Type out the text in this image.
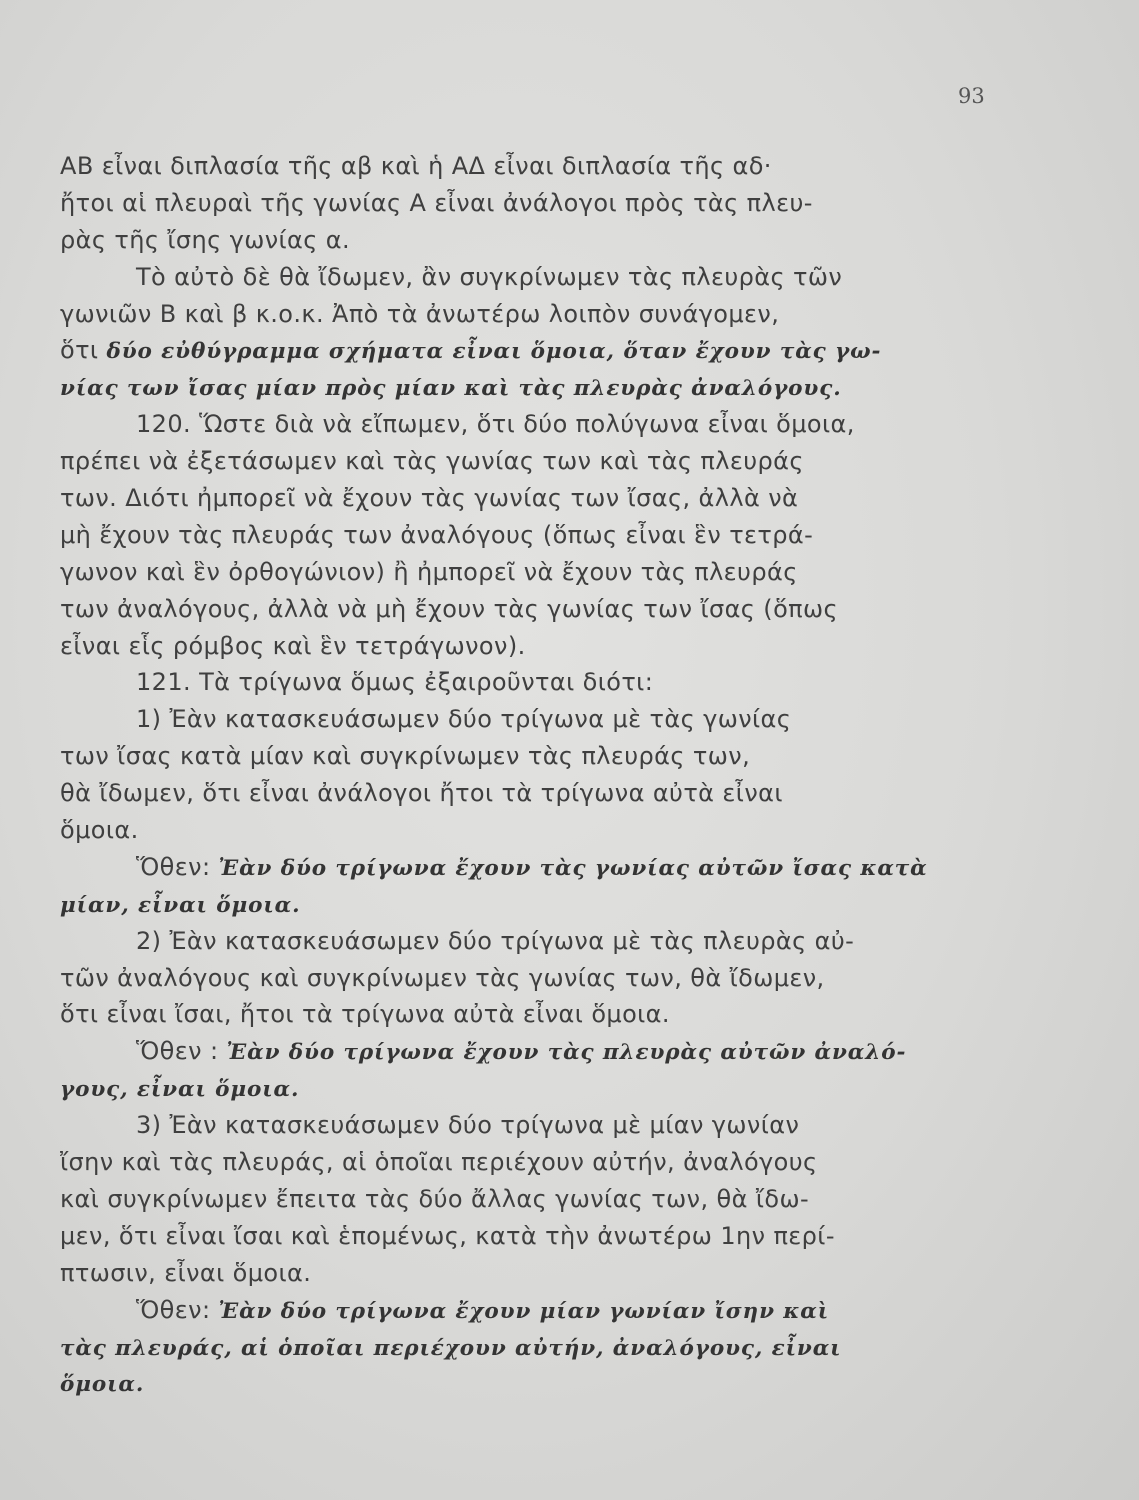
93
ΑΒ εἶναι διπλασία τῆς αβ καὶ ἡ ΑΔ εἶναι διπλασία τῆς αδ·
ἤτοι αἱ πλευραὶ τῆς γωνίας Α εἶναι ἀνάλογοι πρὸς τὰς πλευ-
ρὰς τῆς ἴσης γωνίας α.
Τὸ αὐτὸ δὲ θὰ ἴδωμεν, ἂν συγκρίνωμεν τὰς πλευρὰς τῶν
γωνιῶν Β καὶ β κ.ο.κ. Ἀπὸ τὰ ἀνωτέρω λοιπὸν συνάγομεν,
ὅτι δύο εὐθύγραμμα σχήματα εἶναι ὅμοια, ὅταν ἔχουν τὰς γω-
νίας των ἴσας μίαν πρὸς μίαν καὶ τὰς πλευρὰς ἀναλόγους.
120. Ὥστε διὰ νὰ εἴπωμεν, ὅτι δύο πολύγωνα εἶναι ὅμοια,
πρέπει νὰ ἐξετάσωμεν καὶ τὰς γωνίας των καὶ τὰς πλευράς
των. Διότι ἠμπορεῖ νὰ ἔχουν τὰς γωνίας των ἴσας, ἀλλὰ νὰ
μὴ ἔχουν τὰς πλευράς των ἀναλόγους (ὅπως εἶναι ἓν τετρά-
γωνον καὶ ἓν ὀρθογώνιον) ἢ ἠμπορεῖ νὰ ἔχουν τὰς πλευράς
των ἀναλόγους, ἀλλὰ νὰ μὴ ἔχουν τὰς γωνίας των ἴσας (ὅπως
εἶναι εἷς ρόμβος καὶ ἓν τετράγωνον).
121. Τὰ τρίγωνα ὅμως ἐξαιροῦνται διότι:
1) Ἐὰν κατασκευάσωμεν δύο τρίγωνα μὲ τὰς γωνίας
των ἴσας κατὰ μίαν καὶ συγκρίνωμεν τὰς πλευράς των,
θὰ ἴδωμεν, ὅτι εἶναι ἀνάλογοι ἤτοι τὰ τρίγωνα αὐτὰ εἶναι
ὅμοια.
Ὅθεν: Ἐὰν δύο τρίγωνα ἔχουν τὰς γωνίας αὐτῶν ἴσας κατὰ
μίαν, εἶναι ὅμοια.
2) Ἐὰν κατασκευάσωμεν δύο τρίγωνα μὲ τὰς πλευρὰς αὐ-
τῶν ἀναλόγους καὶ συγκρίνωμεν τὰς γωνίας των, θὰ ἴδωμεν,
ὅτι εἶναι ἴσαι, ἤτοι τὰ τρίγωνα αὐτὰ εἶναι ὅμοια.
Ὅθεν : Ἐὰν δύο τρίγωνα ἔχουν τὰς πλευρὰς αὐτῶν ἀναλό-
γους, εἶναι ὅμοια.
3) Ἐὰν κατασκευάσωμεν δύο τρίγωνα μὲ μίαν γωνίαν
ἴσην καὶ τὰς πλευράς, αἱ ὁποῖαι περιέχουν αὐτήν, ἀναλόγους
καὶ συγκρίνωμεν ἔπειτα τὰς δύο ἄλλας γωνίας των, θὰ ἴδω-
μεν, ὅτι εἶναι ἴσαι καὶ ἑπομένως, κατὰ τὴν ἀνωτέρω 1ην περί-
πτωσιν, εἶναι ὅμοια.
Ὅθεν: Ἐὰν δύο τρίγωνα ἔχουν μίαν γωνίαν ἴσην καὶ
τὰς πλευράς, αἱ ὁποῖαι περιέχουν αὐτήν, ἀναλόγους, εἶναι
ὅμοια.
